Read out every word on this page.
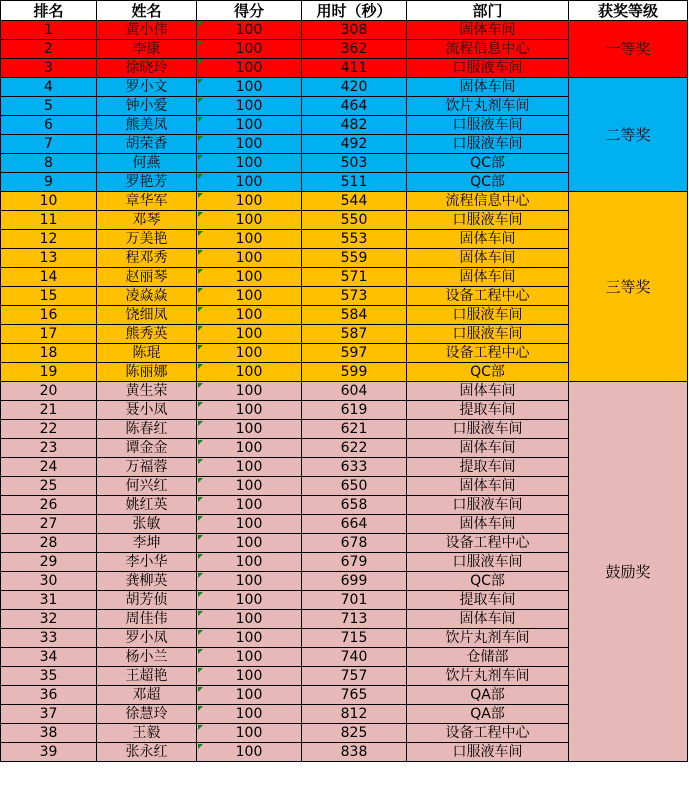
排名	姓名	得分	用时（秒）	部门	获奖等级
1	黄小伟	100	308	固体车间	一等奖
2	李康	100	362	流程信息中心	
3	徐晓玲	100	411	口服液车间	
4	罗小文	100	420	固体车间	二等奖
5	钟小爱	100	464	饮片丸剂车间	
6	熊美凤	100	482	口服液车间	
7	胡荣香	100	492	口服液车间	
8	何燕	100	503	QC部	
9	罗艳芳	100	511	QC部	
10	章华军	100	544	流程信息中心	三等奖
11	邓琴	100	550	口服液车间	
12	万美艳	100	553	固体车间	
13	程邓秀	100	559	固体车间	
14	赵丽琴	100	571	固体车间	
15	凌焱焱	100	573	设备工程中心	
16	饶细凤	100	584	口服液车间	
17	熊秀英	100	587	口服液车间	
18	陈琨	100	597	设备工程中心	
19	陈丽娜	100	599	QC部	
20	黄生荣	100	604	固体车间	鼓励奖
21	聂小凤	100	619	提取车间	
22	陈春红	100	621	口服液车间	
23	谭金金	100	622	固体车间	
24	万福蓉	100	633	提取车间	
25	何兴红	100	650	固体车间	
26	姚红英	100	658	口服液车间	
27	张敏	100	664	固体车间	
28	李坤	100	678	设备工程中心	
29	李小华	100	679	口服液车间	
30	龚柳英	100	699	QC部	
31	胡芳侦	100	701	提取车间	
32	周佳伟	100	713	固体车间	
33	罗小凤	100	715	饮片丸剂车间	
34	杨小兰	100	740	仓储部	
35	王超艳	100	757	饮片丸剂车间	
36	邓超	100	765	QA部	
37	徐慧玲	100	812	QA部	
38	王毅	100	825	设备工程中心	
39	张永红	100	838	口服液车间	
